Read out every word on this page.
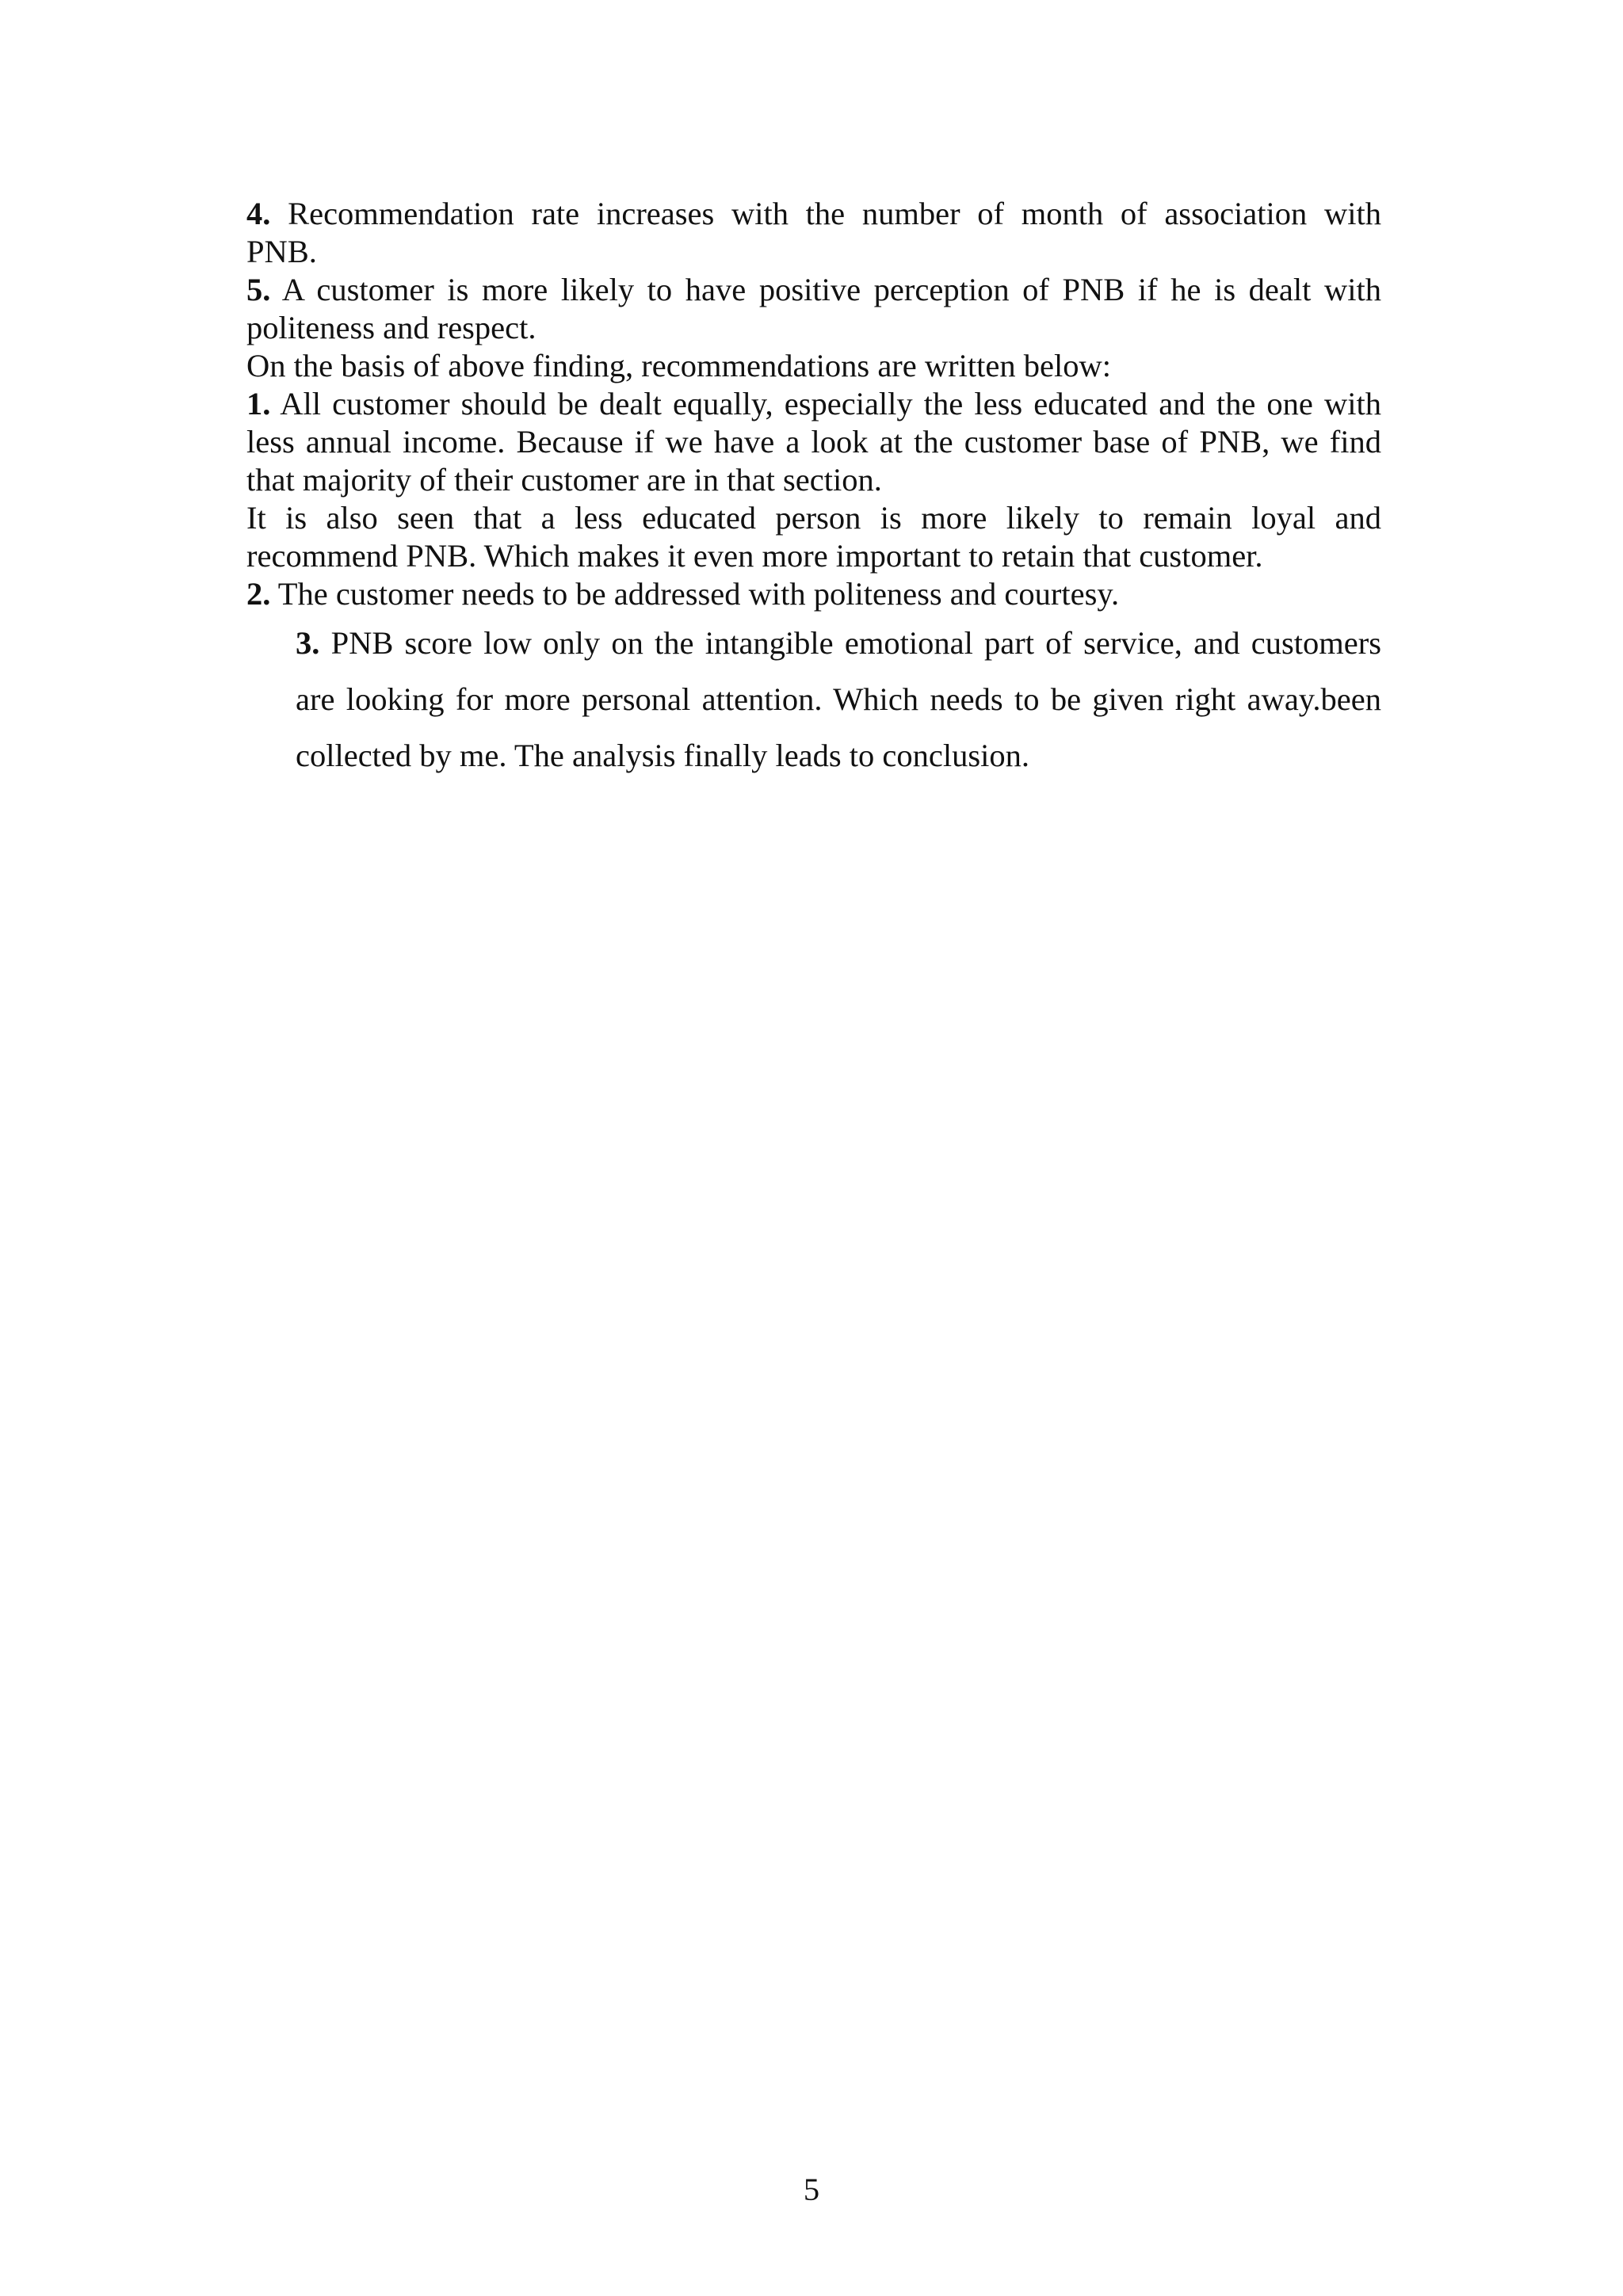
4. Recommendation rate increases with the number of month of association with

PNB.

5. A customer is more likely to have positive perception of PNB if he is dealt with

politeness and respect.

On the basis of above finding, recommendations are written below:

1. All customer should be dealt equally, especially the less educated and the one with

less annual income. Because if we have a look at the customer base of PNB, we find

that majority of their customer are in that section.

It is also seen that a less educated person is more likely to remain loyal and

recommend PNB. Which makes it even more important to retain that customer.

2. The customer needs to be addressed with politeness and courtesy.

3. PNB score low only on the intangible emotional part of service, and customers

are looking for more personal attention. Which needs to be given right away.been

collected by me. The analysis finally leads to conclusion.

5
